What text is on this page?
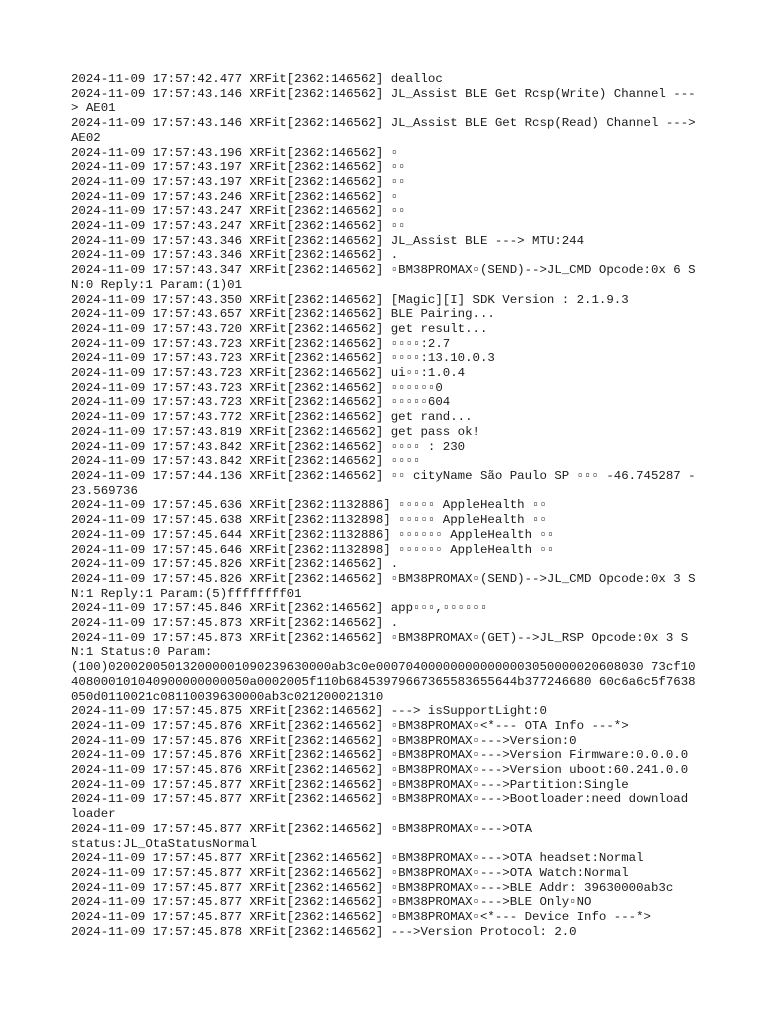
2024-11-09 17:57:42.477 XRFit[2362:146562] dealloc
2024-11-09 17:57:43.146 XRFit[2362:146562] JL_Assist BLE Get Rcsp(Write) Channel ---> AE01
2024-11-09 17:57:43.146 XRFit[2362:146562] JL_Assist BLE Get Rcsp(Read) Channel ---> AE02
2024-11-09 17:57:43.196 XRFit[2362:146562] ▫
2024-11-09 17:57:43.197 XRFit[2362:146562] ▫▫
2024-11-09 17:57:43.197 XRFit[2362:146562] ▫▫
2024-11-09 17:57:43.246 XRFit[2362:146562] ▫
2024-11-09 17:57:43.247 XRFit[2362:146562] ▫▫
2024-11-09 17:57:43.247 XRFit[2362:146562] ▫▫
2024-11-09 17:57:43.346 XRFit[2362:146562] JL_Assist BLE ---> MTU:244
2024-11-09 17:57:43.346 XRFit[2362:146562] .
2024-11-09 17:57:43.347 XRFit[2362:146562] ▫BM38PROMAX▫(SEND)-->JL_CMD Opcode:0x 6 SN:0 Reply:1 Param:(1)01
2024-11-09 17:57:43.350 XRFit[2362:146562] [Magic][I] SDK Version : 2.1.9.3
2024-11-09 17:57:43.657 XRFit[2362:146562] BLE Pairing...
2024-11-09 17:57:43.720 XRFit[2362:146562] get result...
2024-11-09 17:57:43.723 XRFit[2362:146562] ▫▫▫▫:2.7
2024-11-09 17:57:43.723 XRFit[2362:146562] ▫▫▫▫:13.10.0.3
2024-11-09 17:57:43.723 XRFit[2362:146562] ui▫▫:1.0.4
2024-11-09 17:57:43.723 XRFit[2362:146562] ▫▫▫▫▫▫0
2024-11-09 17:57:43.723 XRFit[2362:146562] ▫▫▫▫▫604
2024-11-09 17:57:43.772 XRFit[2362:146562] get rand...
2024-11-09 17:57:43.819 XRFit[2362:146562] get pass ok!
2024-11-09 17:57:43.842 XRFit[2362:146562] ▫▫▫▫ : 230
2024-11-09 17:57:43.842 XRFit[2362:146562] ▫▫▫▫
2024-11-09 17:57:44.136 XRFit[2362:146562] ▫▫ cityName São Paulo SP ▫▫▫ -46.745287 -23.569736
2024-11-09 17:57:45.636 XRFit[2362:1132886] ▫▫▫▫▫ AppleHealth ▫▫
2024-11-09 17:57:45.638 XRFit[2362:1132898] ▫▫▫▫▫ AppleHealth ▫▫
2024-11-09 17:57:45.644 XRFit[2362:1132886] ▫▫▫▫▫▫ AppleHealth ▫▫
2024-11-09 17:57:45.646 XRFit[2362:1132898] ▫▫▫▫▫▫ AppleHealth ▫▫
2024-11-09 17:57:45.826 XRFit[2362:146562] .
2024-11-09 17:57:45.826 XRFit[2362:146562] ▫BM38PROMAX▫(SEND)-->JL_CMD Opcode:0x 3 SN:1 Reply:1 Param:(5)ffffffff01
2024-11-09 17:57:45.846 XRFit[2362:146562] app▫▫▫,▫▫▫▫▫▫
2024-11-09 17:57:45.873 XRFit[2362:146562] .
2024-11-09 17:57:45.873 XRFit[2362:146562] ▫BM38PROMAX▫(GET)-->JL_RSP Opcode:0x 3 SN:1 Status:0 Param:
(100)020020050132000001090239630000ab3c0e000704000000000000003050000020608030 73cf10408000101040900000000050a0002005f110b68453979667365583655644b377246680 60c6a6c5f7638050d0110021c08110039630000ab3c021200021310
2024-11-09 17:57:45.875 XRFit[2362:146562] ---> isSupportLight:0
2024-11-09 17:57:45.876 XRFit[2362:146562] ▫BM38PROMAX▫<*--- OTA Info ---*>
2024-11-09 17:57:45.876 XRFit[2362:146562] ▫BM38PROMAX▫--->Version:0
2024-11-09 17:57:45.876 XRFit[2362:146562] ▫BM38PROMAX▫--->Version Firmware:0.0.0.0
2024-11-09 17:57:45.876 XRFit[2362:146562] ▫BM38PROMAX▫--->Version uboot:60.241.0.0
2024-11-09 17:57:45.877 XRFit[2362:146562] ▫BM38PROMAX▫--->Partition:Single
2024-11-09 17:57:45.877 XRFit[2362:146562] ▫BM38PROMAX▫--->Bootloader:need download loader
2024-11-09 17:57:45.877 XRFit[2362:146562] ▫BM38PROMAX▫--->OTA
status:JL_OtaStatusNormal
2024-11-09 17:57:45.877 XRFit[2362:146562] ▫BM38PROMAX▫--->OTA headset:Normal
2024-11-09 17:57:45.877 XRFit[2362:146562] ▫BM38PROMAX▫--->OTA Watch:Normal
2024-11-09 17:57:45.877 XRFit[2362:146562] ▫BM38PROMAX▫--->BLE Addr: 39630000ab3c
2024-11-09 17:57:45.877 XRFit[2362:146562] ▫BM38PROMAX▫--->BLE Only▫NO
2024-11-09 17:57:45.877 XRFit[2362:146562] ▫BM38PROMAX▫<*--- Device Info ---*>
2024-11-09 17:57:45.878 XRFit[2362:146562] --->Version Protocol: 2.0
